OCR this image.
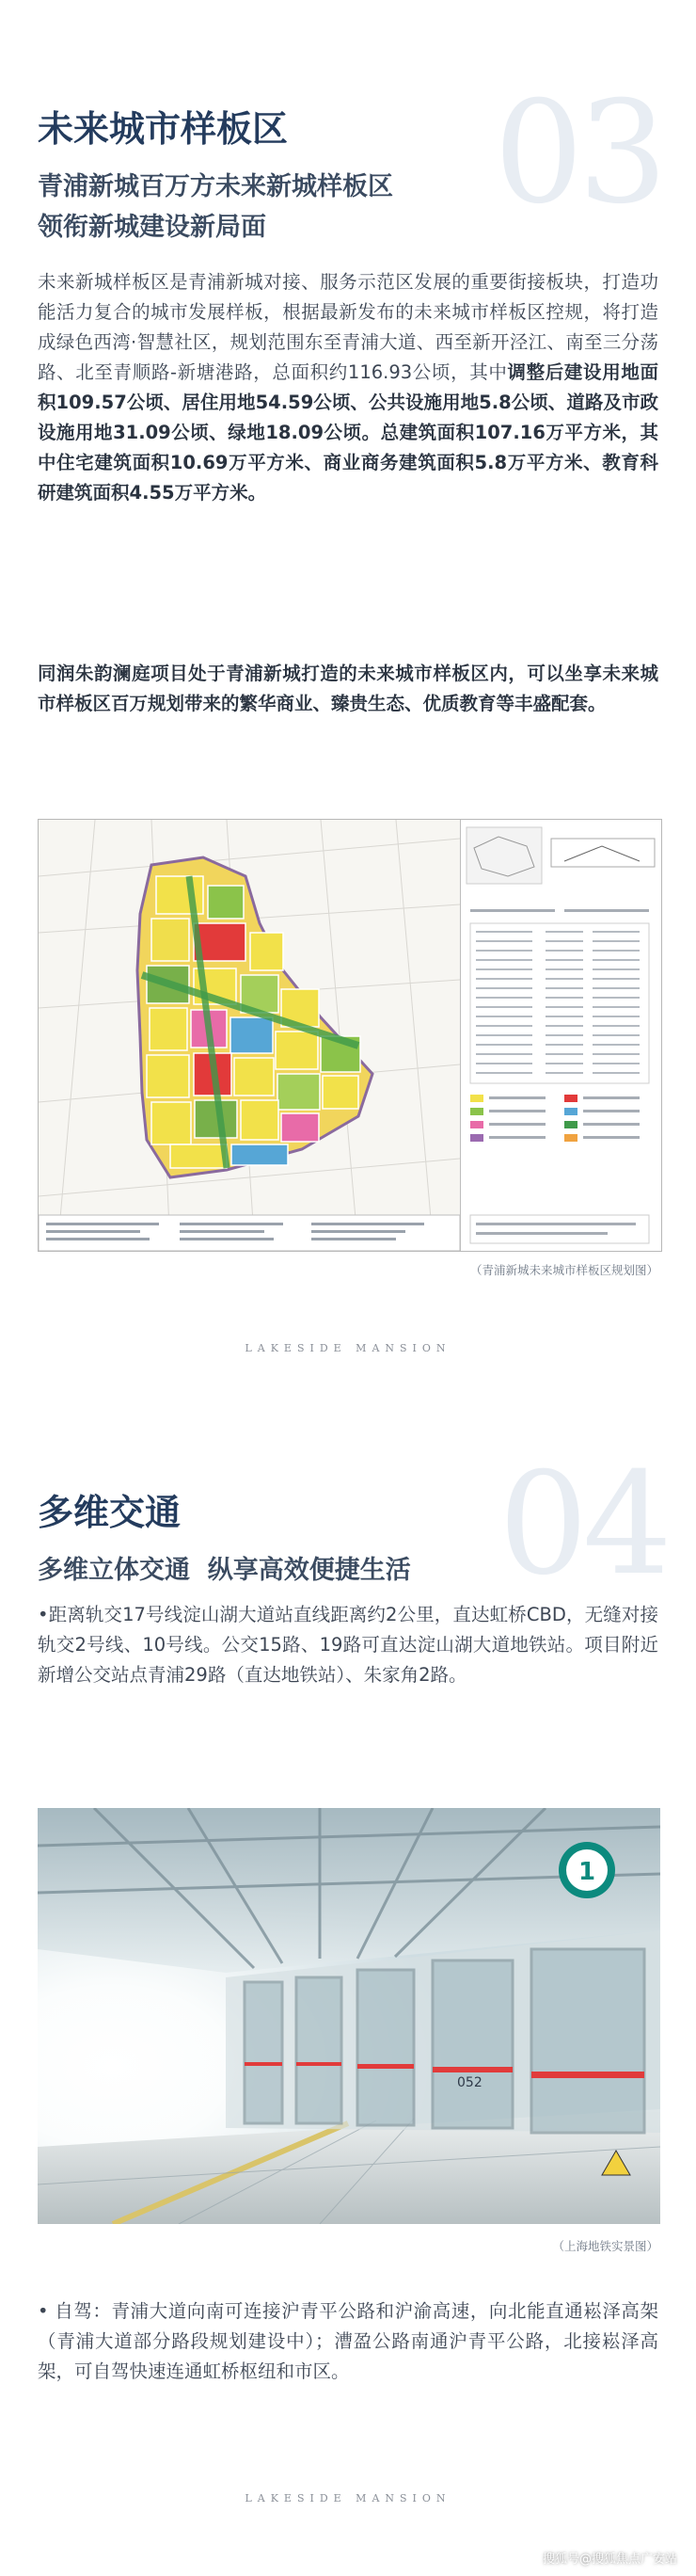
03
未来城市样板区
青浦新城百万方未来新城样板区
领衔新城建设新局面

未来新城样板区是青浦新城对接、服务示范区发展的重要街接板块，打造功能活力复合的城市发展样板，根据最新发布的未来城市样板区控规，将打造成绿色西湾·智慧社区，规划范围东至青浦大道、西至新开泾江、南至三分荡路、北至青顺路-新塘港路，总面积约116.93公顷，其中调整后建设用地面积109.57公顷、居住用地54.59公顷、公共设施用地5.8公顷、道路及市政设施用地31.09公顷、绿地18.09公顷。总建筑面积107.16万平方米，其中住宅建筑面积10.69万平方米、商业商务建筑面积5.8万平方米、教育科研建筑面积4.55万平方米。

同润朱韵澜庭项目处于青浦新城打造的未来城市样板区内，可以坐享未来城市样板区百万规划带来的繁华商业、臻贵生态、优质教育等丰盛配套。

（青浦新城未来城市样板区规划图）
LAKESIDE MANSION
04
多维交通
多维立体交通  纵享高效便捷生活

•距离轨交17号线淀山湖大道站直线距离约2公里，直达虹桥CBD，无缝对接轨交2号线、10号线。公交15路、19路可直达淀山湖大道地铁站。项目附近新增公交站点青浦29路（直达地铁站）、朱家角2路。

1
052
（上海地铁实景图）

• 自驾：青浦大道向南可连接沪青平公路和沪渝高速，向北能直通崧泽高架（青浦大道部分路段规划建设中）；漕盈公路南通沪青平公路，北接崧泽高架，可自驾快速连通虹桥枢纽和市区。

LAKESIDE MANSION
搜狐号@搜狐焦点广安站
